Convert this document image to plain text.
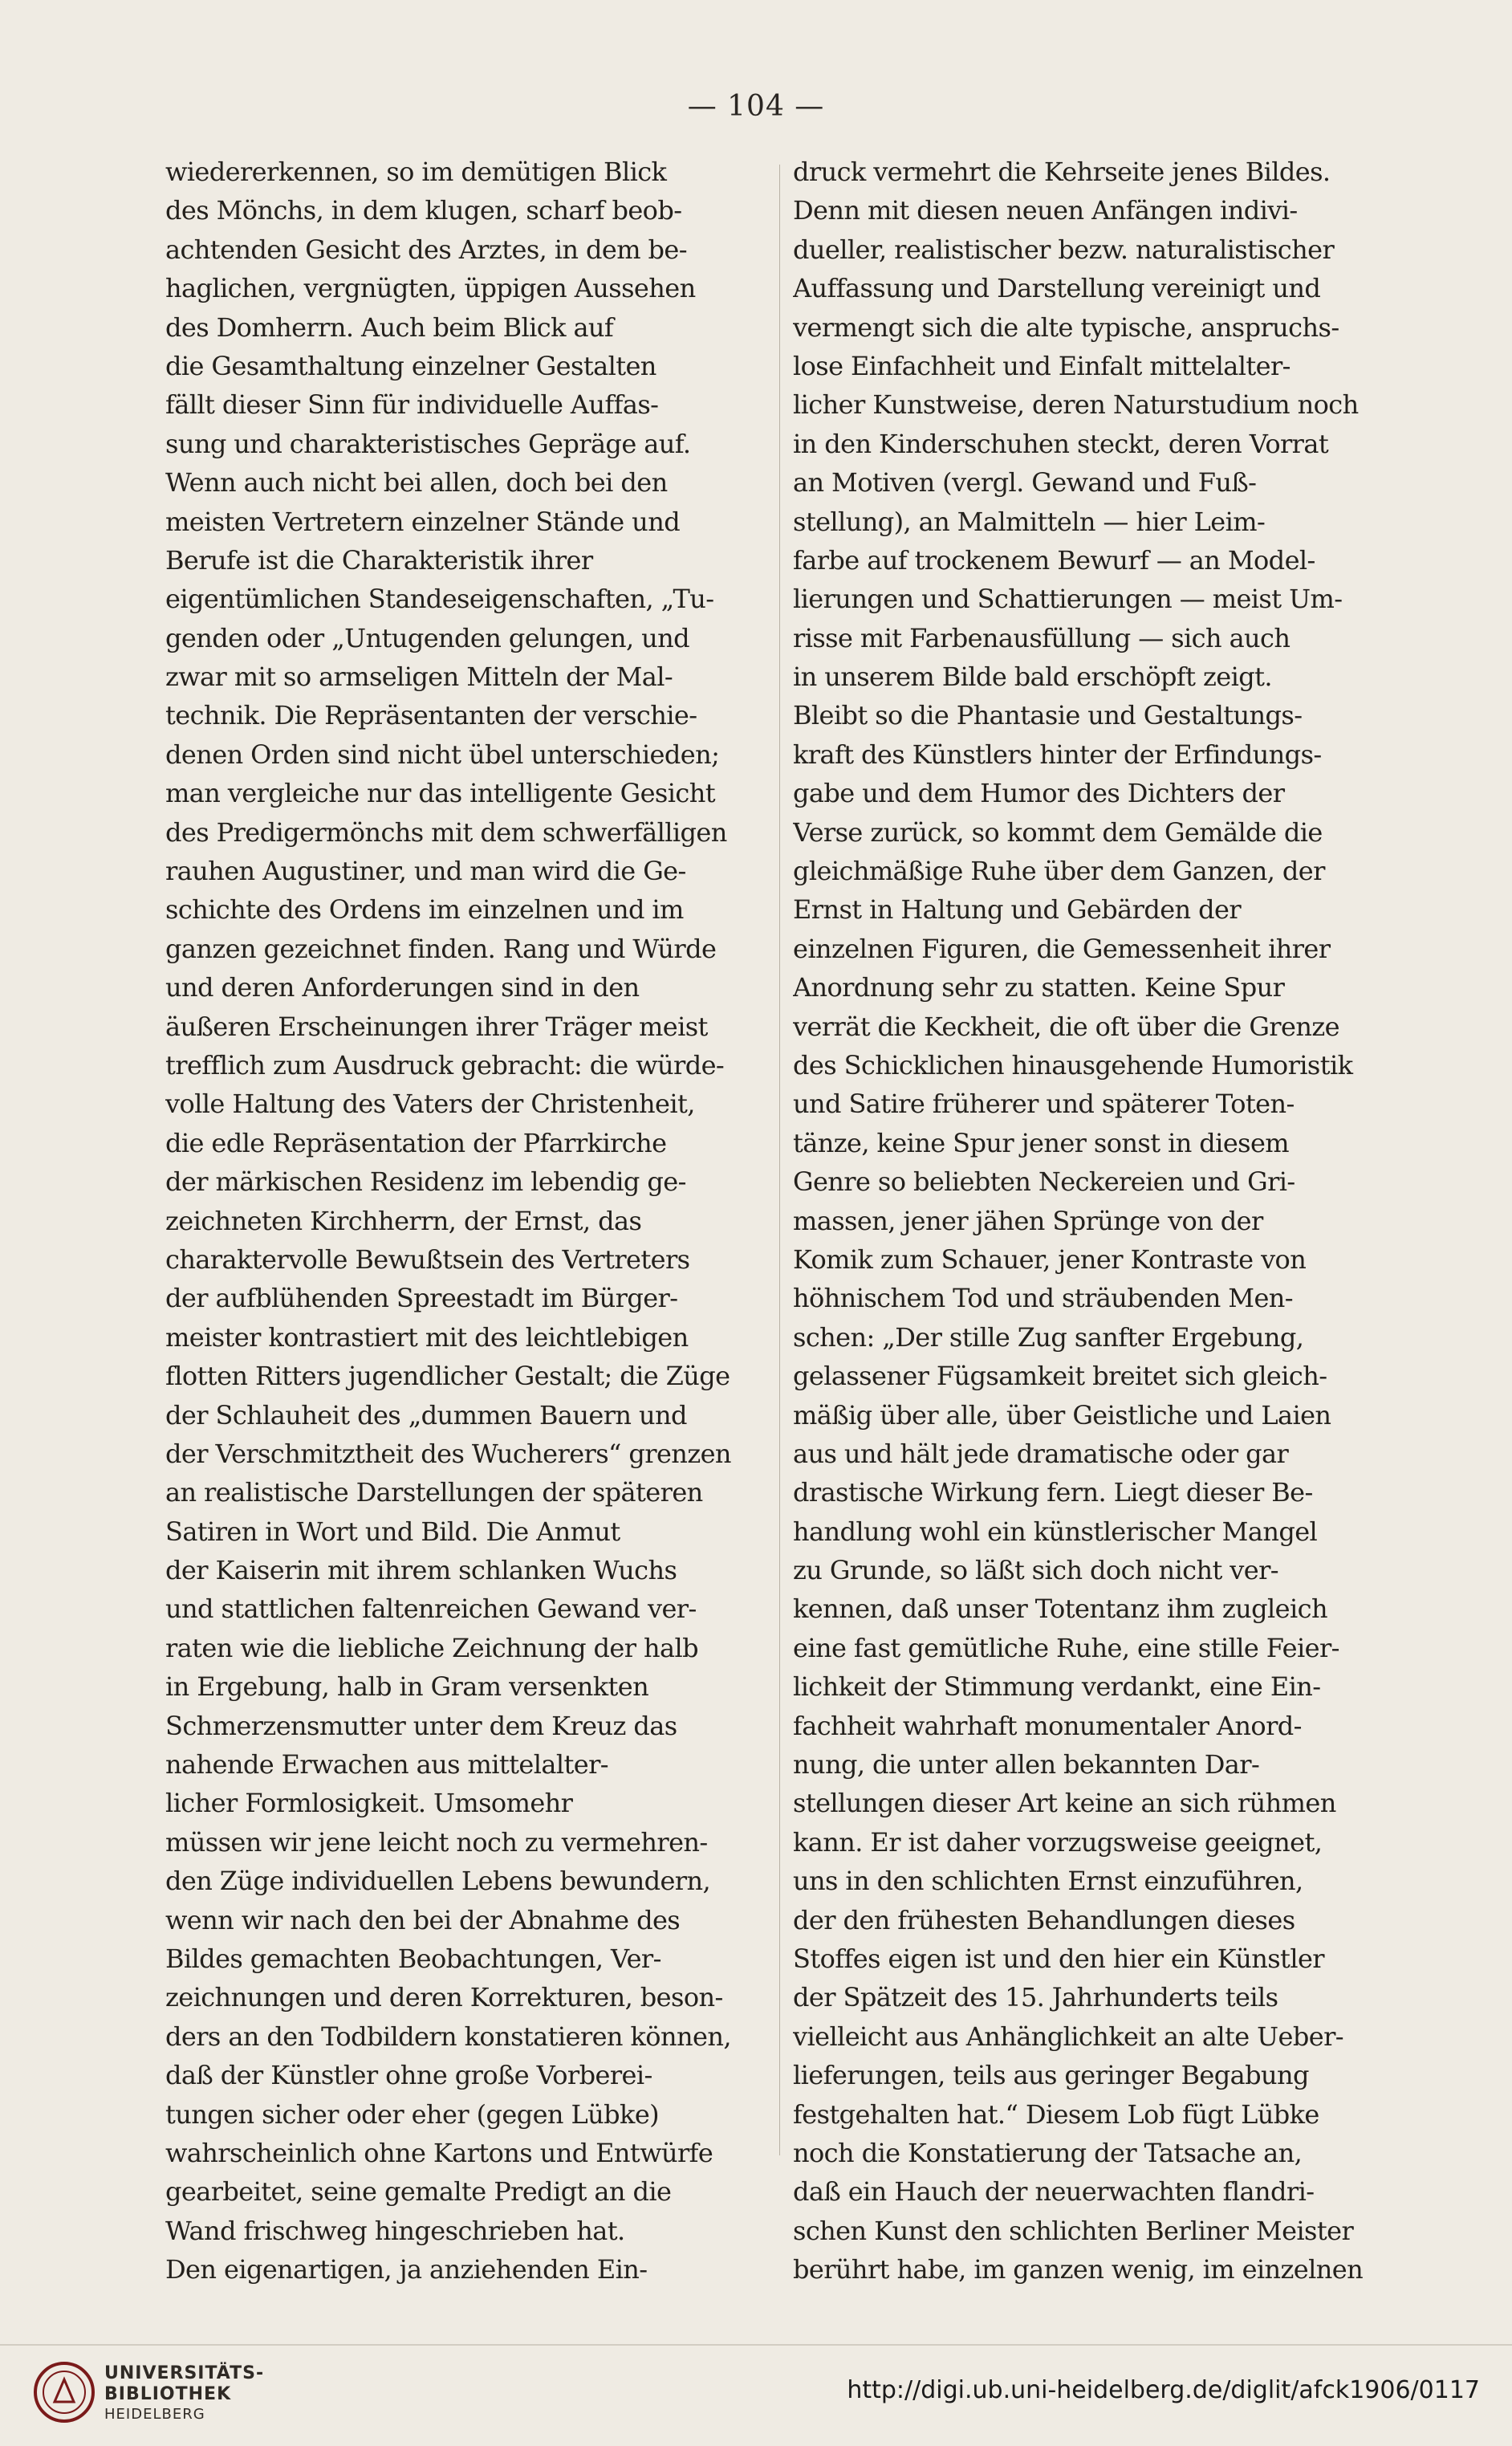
— 104 —
wiedererkennen, so im demütigen Blick
des Mönchs, in dem klugen, scharf beob-
achtenden Gesicht des Arztes, in dem be-
haglichen, vergnügten, üppigen Aussehen
des Domherrn. Auch beim Blick auf
die Gesamthaltung einzelner Gestalten
fällt dieser Sinn für individuelle Auffas-
sung und charakteristisches Gepräge auf.
Wenn auch nicht bei allen, doch bei den
meisten Vertretern einzelner Stände und
Berufe ist die Charakteristik ihrer
eigentümlichen Standeseigenschaften, „Tu-
genden oder „Untugenden gelungen, und
zwar mit so armseligen Mitteln der Mal-
technik. Die Repräsentanten der verschie-
denen Orden sind nicht übel unterschieden;
man vergleiche nur das intelligente Gesicht
des Predigermönchs mit dem schwerfälligen
rauhen Augustiner, und man wird die Ge-
schichte des Ordens im einzelnen und im
ganzen gezeichnet finden. Rang und Würde
und deren Anforderungen sind in den
äußeren Erscheinungen ihrer Träger meist
trefflich zum Ausdruck gebracht: die würde-
volle Haltung des Vaters der Christenheit,
die edle Repräsentation der Pfarrkirche
der märkischen Residenz im lebendig ge-
zeichneten Kirchherrn, der Ernst, das
charaktervolle Bewußtsein des Vertreters
der aufblühenden Spreestadt im Bürger-
meister kontrastiert mit des leichtlebigen
flotten Ritters jugendlicher Gestalt; die Züge
der Schlauheit des „dummen Bauern und
der Verschmitztheit des Wucherers“ grenzen
an realistische Darstellungen der späteren
Satiren in Wort und Bild. Die Anmut
der Kaiserin mit ihrem schlanken Wuchs
und stattlichen faltenreichen Gewand ver-
raten wie die liebliche Zeichnung der halb
in Ergebung, halb in Gram versenkten
Schmerzensmutter unter dem Kreuz das
nahende Erwachen aus mittelalter-
licher Formlosigkeit. Umsomehr
müssen wir jene leicht noch zu vermehren-
den Züge individuellen Lebens bewundern,
wenn wir nach den bei der Abnahme des
Bildes gemachten Beobachtungen, Ver-
zeichnungen und deren Korrekturen, beson-
ders an den Todbildern konstatieren können,
daß der Künstler ohne große Vorberei-
tungen sicher oder eher (gegen Lübke)
wahrscheinlich ohne Kartons und Entwürfe
gearbeitet, seine gemalte Predigt an die
Wand frischweg hingeschrieben hat.
Den eigenartigen, ja anziehenden Ein-
druck vermehrt die Kehrseite jenes Bildes.
Denn mit diesen neuen Anfängen indivi-
dueller, realistischer bezw. naturalistischer
Auffassung und Darstellung vereinigt und
vermengt sich die alte typische, anspruchs-
lose Einfachheit und Einfalt mittelalter-
licher Kunstweise, deren Naturstudium noch
in den Kinderschuhen steckt, deren Vorrat
an Motiven (vergl. Gewand und Fuß-
stellung), an Malmitteln — hier Leim-
farbe auf trockenem Bewurf — an Model-
lierungen und Schattierungen — meist Um-
risse mit Farbenausfüllung — sich auch
in unserem Bilde bald erschöpft zeigt.
Bleibt so die Phantasie und Gestaltungs-
kraft des Künstlers hinter der Erfindungs-
gabe und dem Humor des Dichters der
Verse zurück, so kommt dem Gemälde die
gleichmäßige Ruhe über dem Ganzen, der
Ernst in Haltung und Gebärden der
einzelnen Figuren, die Gemessenheit ihrer
Anordnung sehr zu statten. Keine Spur
verrät die Keckheit, die oft über die Grenze
des Schicklichen hinausgehende Humoristik
und Satire früherer und späterer Toten-
tänze, keine Spur jener sonst in diesem
Genre so beliebten Neckereien und Gri-
massen, jener jähen Sprünge von der
Komik zum Schauer, jener Kontraste von
höhnischem Tod und sträubenden Men-
schen: „Der stille Zug sanfter Ergebung,
gelassener Fügsamkeit breitet sich gleich-
mäßig über alle, über Geistliche und Laien
aus und hält jede dramatische oder gar
drastische Wirkung fern. Liegt dieser Be-
handlung wohl ein künstlerischer Mangel
zu Grunde, so läßt sich doch nicht ver-
kennen, daß unser Totentanz ihm zugleich
eine fast gemütliche Ruhe, eine stille Feier-
lichkeit der Stimmung verdankt, eine Ein-
fachheit wahrhaft monumentaler Anord-
nung, die unter allen bekannten Dar-
stellungen dieser Art keine an sich rühmen
kann. Er ist daher vorzugsweise geeignet,
uns in den schlichten Ernst einzuführen,
der den frühesten Behandlungen dieses
Stoffes eigen ist und den hier ein Künstler
der Spätzeit des 15. Jahrhunderts teils
vielleicht aus Anhänglichkeit an alte Ueber-
lieferungen, teils aus geringer Begabung
festgehalten hat.“ Diesem Lob fügt Lübke
noch die Konstatierung der Tatsache an,
daß ein Hauch der neuerwachten flandri-
schen Kunst den schlichten Berliner Meister
berührt habe, im ganzen wenig, im einzelnen
UNIVERSITÄTS-
BIBLIOTHEK
HEIDELBERG
http://digi.ub.uni-heidelberg.de/diglit/afck1906/0117
